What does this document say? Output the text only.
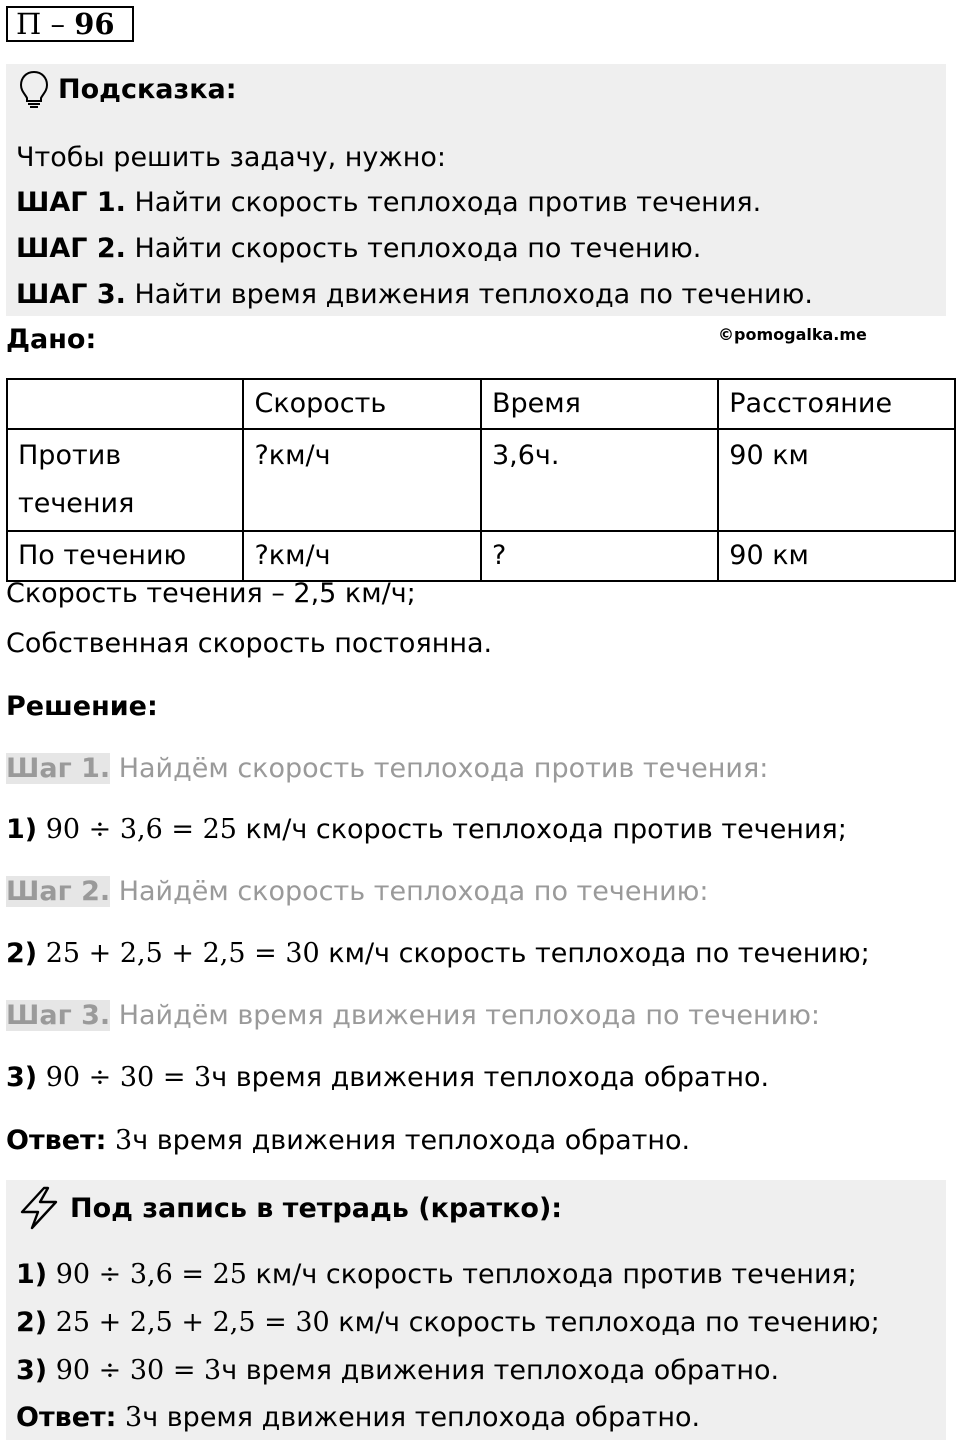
П – 96
Подсказка:
Чтобы решить задачу, нужно:
ШАГ 1. Найти скорость теплохода против течения.
ШАГ 2. Найти скорость теплохода по течению.
ШАГ 3. Найти время движения теплохода по течению.
Дано:	©pomogalka.me
	Скорость	Время	Расстояние
Против течения	?км/ч	3,6ч.	90 км
По течению	?км/ч	?	90 км
Скорость течения – 2,5 км/ч;
Собственная скорость постоянна.
Решение:
Шаг 1. Найдём скорость теплохода против течения:
1) 90 ÷ 3,6 = 25 км/ч скорость теплохода против течения;
Шаг 2. Найдём скорость теплохода по течению:
2) 25 + 2,5 + 2,5 = 30 км/ч скорость теплохода по течению;
Шаг 3. Найдём время движения теплохода по течению:
3) 90 ÷ 30 = 3ч время движения теплохода обратно.
Ответ: 3ч время движения теплохода обратно.
Под запись в тетрадь (кратко):
1) 90 ÷ 3,6 = 25 км/ч скорость теплохода против течения;
2) 25 + 2,5 + 2,5 = 30 км/ч скорость теплохода по течению;
3) 90 ÷ 30 = 3ч время движения теплохода обратно.
Ответ: 3ч время движения теплохода обратно.
